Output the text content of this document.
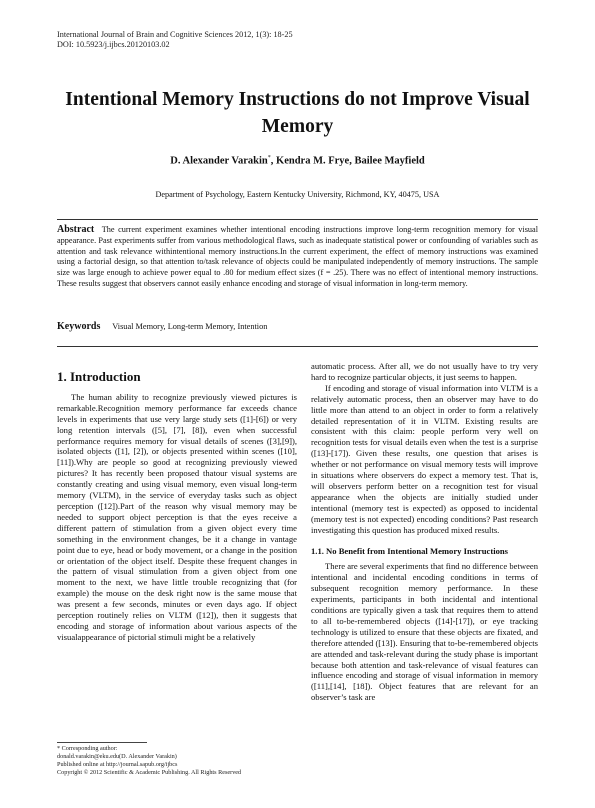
International Journal of Brain and Cognitive Sciences 2012, 1(3): 18-25
DOI: 10.5923/j.ijbcs.20120103.02
Intentional Memory Instructions do not Improve Visual Memory
D. Alexander Varakin*, Kendra M. Frye, Bailee Mayfield
Department of Psychology, Eastern Kentucky University, Richmond, KY, 40475, USA
Abstract The current experiment examines whether intentional encoding instructions improve long-term recognition memory for visual appearance. Past experiments suffer from various methodological flaws, such as inadequate statistical power or confounding of variables such as attention and task relevance withintentional memory instructions.In the current experiment, the effect of memory instructions was examined using a factorial design, so that attention to/task relevance of objects could be manipulated independently of memory instructions. The sample size was large enough to achieve power equal to .80 for medium effect sizes (f = .25). There was no effect of intentional memory instructions. These results suggest that observers cannot easily enhance encoding and storage of visual information in long-term memory.
Keywords Visual Memory, Long-term Memory, Intention
1. Introduction

The human ability to recognize previously viewed pictures is remarkable.Recognition memory performance far exceeds chance levels in experiments that use very large study sets ([1]-[6]) or very long retention intervals ([5], [7], [8]), even when successful performance requires memory for visual details of scenes ([3],[9]), isolated objects ([1], [2]), or objects presented within scenes ([10], [11]).Why are people so good at recognizing previously viewed pictures? It has recently been proposed thatour visual systems are constantly creating and using visual memory, even visual long-term memory (VLTM), in the service of everyday tasks such as object perception ([12]).Part of the reason why visual memory may be needed to support object perception is that the eyes receive a different pattern of stimulation from a given object every time something in the environment changes, be it a change in vantage point due to eye, head or body movement, or a change in the position or orientation of the object itself. Despite these frequent changes in the pattern of visual stimulation from a given object from one moment to the next, we have little trouble recognizing that (for example) the mouse on the desk right now is the same mouse that was present a few seconds, minutes or even days ago. If object perception routinely relies on VLTM ([12]), then it suggests that encoding and storage of information about various aspects of the visualappearance of pictorial stimuli might be a relatively

* Corresponding author:
donald.varakin@eku.edu(D. Alexander Varakin)
Published online at http://journal.sapub.org/ijbcs
Copyright © 2012 Scientific & Academic Publishing. All Rights Reserved

automatic process. After all, we do not usually have to try very hard to recognize particular objects, it just seems to happen.

If encoding and storage of visual information into VLTM is a relatively automatic process, then an observer may have to do little more than attend to an object in order to form a relatively detailed representation of it in VLTM. Existing results are consistent with this claim: people perform very well on recognition tests for visual details even when the test is a surprise ([13]-[17]). Given these results, one question that arises is whether or not performance on visual memory tests will improve in situations where observers do expect a memory test. That is, will observers perform better on a recognition test for visual appearance when the objects are initially studied under intentional (memory test is expected) as opposed to incidental (memory test is not expected) encoding conditions? Past research investigating this question has produced mixed results.

1.1. No Benefit from Intentional Memory Instructions

There are several experiments that find no difference between intentional and incidental encoding conditions in terms of subsequent recognition memory performance. In these experiments, participants in both incidental and intentional conditions are typically given a task that requires them to attend to all to-be-remembered objects ([14]-[17]), or eye tracking technology is utilized to ensure that these objects are fixated, and therefore attended ([13]). Ensuring that to-be-remembered objects are attended and task-relevant during the study phase is important because both attention and task-relevance of visual features can influence encoding and storage of visual information in memory ([11],[14], [18]). Object features that are relevant for an observer’s task are
